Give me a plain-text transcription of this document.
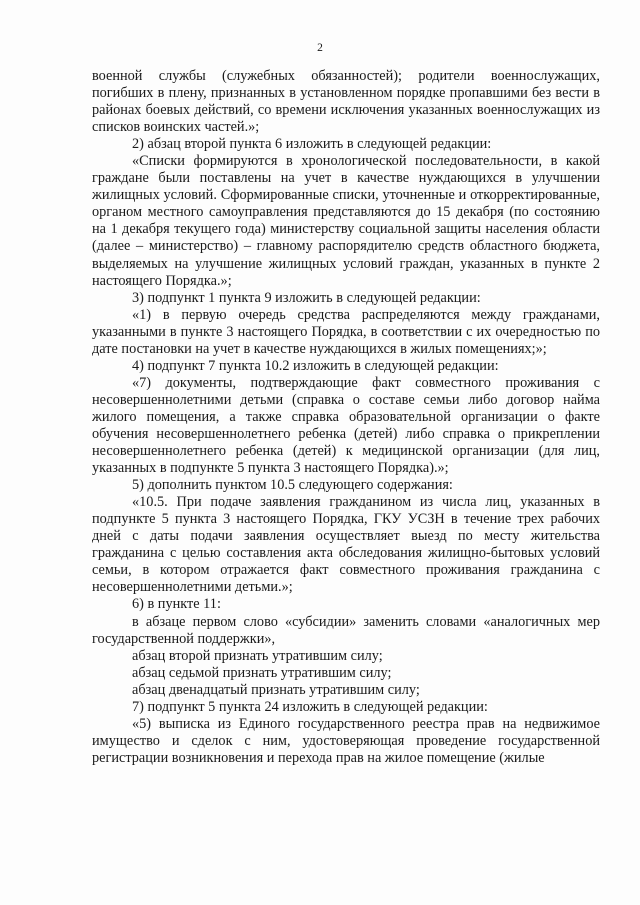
2

военной службы (служебных обязанностей); родители военнослужащих, погибших в плену, признанных в установленном порядке пропавшими без вести в районах боевых действий, со времени исключения указанных военнослужащих из списков воинских частей.»;

2) абзац второй пункта 6 изложить в следующей редакции:

«Списки формируются в хронологической последовательности, в какой граждане были поставлены на учет в качестве нуждающихся в улучшении жилищных условий. Сформированные списки, уточненные и откорректированные, органом местного самоуправления представляются до 15 декабря (по состоянию на 1 декабря текущего года) министерству социальной защиты населения области (далее – министерство) – главному распорядителю средств областного бюджета, выделяемых на улучшение жилищных условий граждан, указанных в пункте 2 настоящего Порядка.»;

3) подпункт 1 пункта 9 изложить в следующей редакции:

«1) в первую очередь средства распределяются между гражданами, указанными в пункте 3 настоящего Порядка, в соответствии с их очередностью по дате постановки на учет в качестве нуждающихся в жилых помещениях;»;

4) подпункт 7 пункта 10.2 изложить в следующей редакции:

«7) документы, подтверждающие факт совместного проживания с несовершеннолетними детьми (справка о составе семьи либо договор найма жилого помещения, а также справка образовательной организации о факте обучения несовершеннолетнего ребенка (детей) либо справка о прикреплении несовершеннолетнего ребенка (детей) к медицинской организации (для лиц, указанных в подпункте 5 пункта 3 настоящего Порядка).»;

5) дополнить пунктом 10.5 следующего содержания:

«10.5. При подаче заявления гражданином из числа лиц, указанных в подпункте 5 пункта 3 настоящего Порядка, ГКУ УСЗН в течение трех рабочих дней с даты подачи заявления осуществляет выезд по месту жительства гражданина с целью составления акта обследования жилищно-бытовых условий семьи, в котором отражается факт совместного проживания гражданина с несовершеннолетними детьми.»;

6) в пункте 11:

в абзаце первом слово «субсидии» заменить словами «аналогичных мер государственной поддержки»,

абзац второй признать утратившим силу;

абзац седьмой признать утратившим силу;

абзац двенадцатый признать утратившим силу;

7) подпункт 5 пункта 24 изложить в следующей редакции:

«5) выписка из Единого государственного реестра прав на недвижимое имущество и сделок с ним, удостоверяющая проведение государственной регистрации возникновения и перехода прав на жилое помещение (жилые
